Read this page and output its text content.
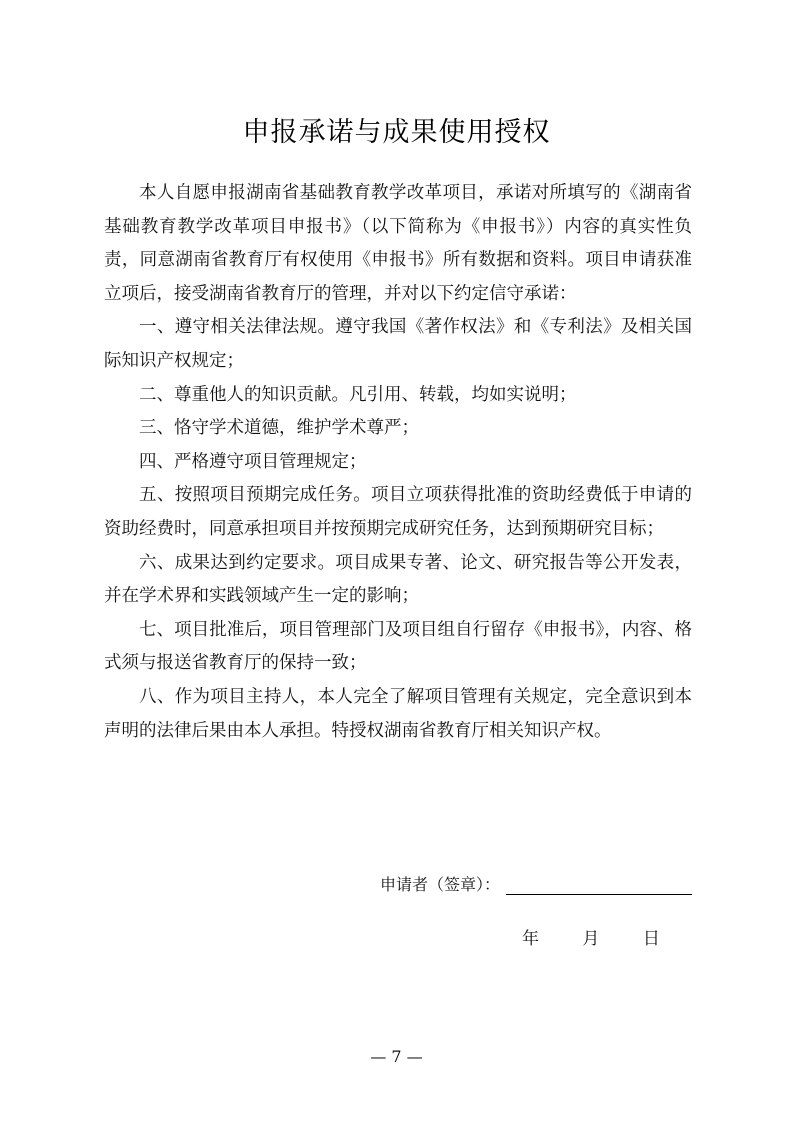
申报承诺与成果使用授权

本人自愿申报湖南省基础教育教学改革项目，承诺对所填写的《湖南省基础教育教学改革项目申报书》（以下简称为《申报书》）内容的真实性负责，同意湖南省教育厅有权使用《申报书》所有数据和资料。项目申请获准立项后，接受湖南省教育厅的管理，并对以下约定信守承诺：

一、遵守相关法律法规。遵守我国《著作权法》和《专利法》及相关国际知识产权规定；

二、尊重他人的知识贡献。凡引用、转载，均如实说明；

三、恪守学术道德，维护学术尊严；

四、严格遵守项目管理规定；

五、按照项目预期完成任务。项目立项获得批准的资助经费低于申请的资助经费时，同意承担项目并按预期完成研究任务，达到预期研究目标；

六、成果达到约定要求。项目成果专著、论文、研究报告等公开发表，并在学术界和实践领域产生一定的影响；

七、项目批准后，项目管理部门及项目组自行留存《申报书》，内容、格式须与报送省教育厅的保持一致；

八、作为项目主持人，本人完全了解项目管理有关规定，完全意识到本声明的法律后果由本人承担。特授权湖南省教育厅相关知识产权。

申请者（签章）：
年	月	日
— 7 —
